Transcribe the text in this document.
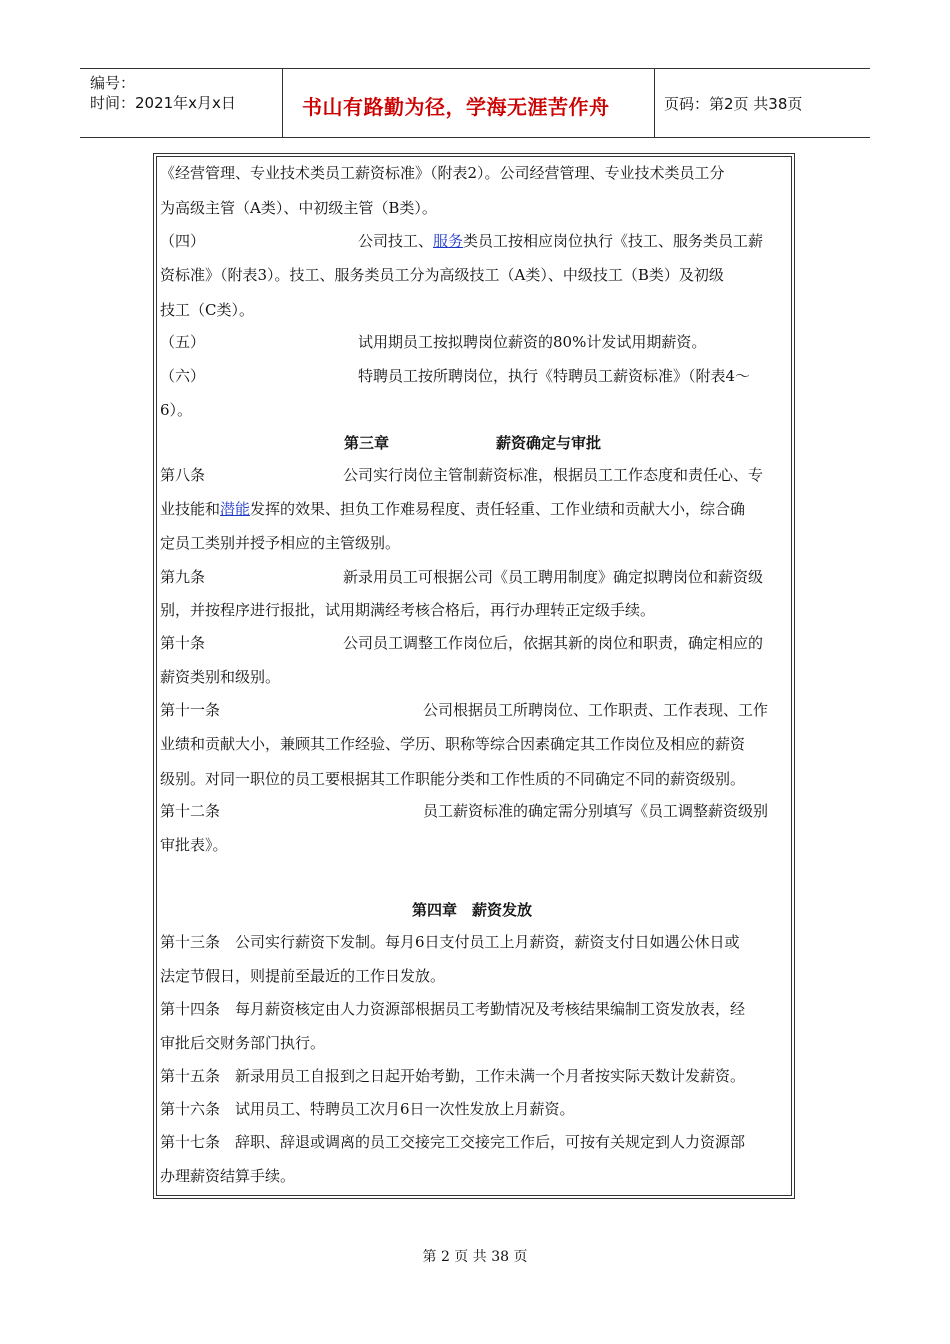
编号：
时间：2021年x月x日	书山有路勤为径，学海无涯苦作舟	页码：第2页 共38页
《经营管理、专业技术类员工薪资标准》（附表2）。公司经营管理、专业技术类员工分
为高级主管（A类）、中初级主管（B类）。
（四）	公司技工、服务类员工按相应岗位执行《技工、服务类员工薪
资标准》（附表3）。技工、服务类员工分为高级技工（A类）、中级技工（B类）及初级
技工（C类）。
（五）	试用期员工按拟聘岗位薪资的80%计发试用期薪资。
（六）	特聘员工按所聘岗位，执行《特聘员工薪资标准》（附表4～
6）。
第三章	薪资确定与审批
第八条	公司实行岗位主管制薪资标准，根据员工工作态度和责任心、专
业技能和潜能发挥的效果、担负工作难易程度、责任轻重、工作业绩和贡献大小，综合确
定员工类别并授予相应的主管级别。
第九条	新录用员工可根据公司《员工聘用制度》确定拟聘岗位和薪资级
别，并按程序进行报批，试用期满经考核合格后，再行办理转正定级手续。
第十条	公司员工调整工作岗位后，依据其新的岗位和职责，确定相应的
薪资类别和级别。
第十一条	公司根据员工所聘岗位、工作职责、工作表现、工作
业绩和贡献大小，兼顾其工作经验、学历、职称等综合因素确定其工作岗位及相应的薪资
级别。对同一职位的员工要根据其工作职能分类和工作性质的不同确定不同的薪资级别。
第十二条	员工薪资标准的确定需分别填写《员工调整薪资级别
审批表》。
第四章　薪资发放
第十三条　公司实行薪资下发制。每月6日支付员工上月薪资，薪资支付日如遇公休日或
法定节假日，则提前至最近的工作日发放。
第十四条　每月薪资核定由人力资源部根据员工考勤情况及考核结果编制工资发放表，经
审批后交财务部门执行。
第十五条　新录用员工自报到之日起开始考勤，工作未满一个月者按实际天数计发薪资。
第十六条　试用员工、特聘员工次月6日一次性发放上月薪资。
第十七条　辞职、辞退或调离的员工交接完工交接完工作后，可按有关规定到人力资源部
办理薪资结算手续。
第 2 页 共 38 页
